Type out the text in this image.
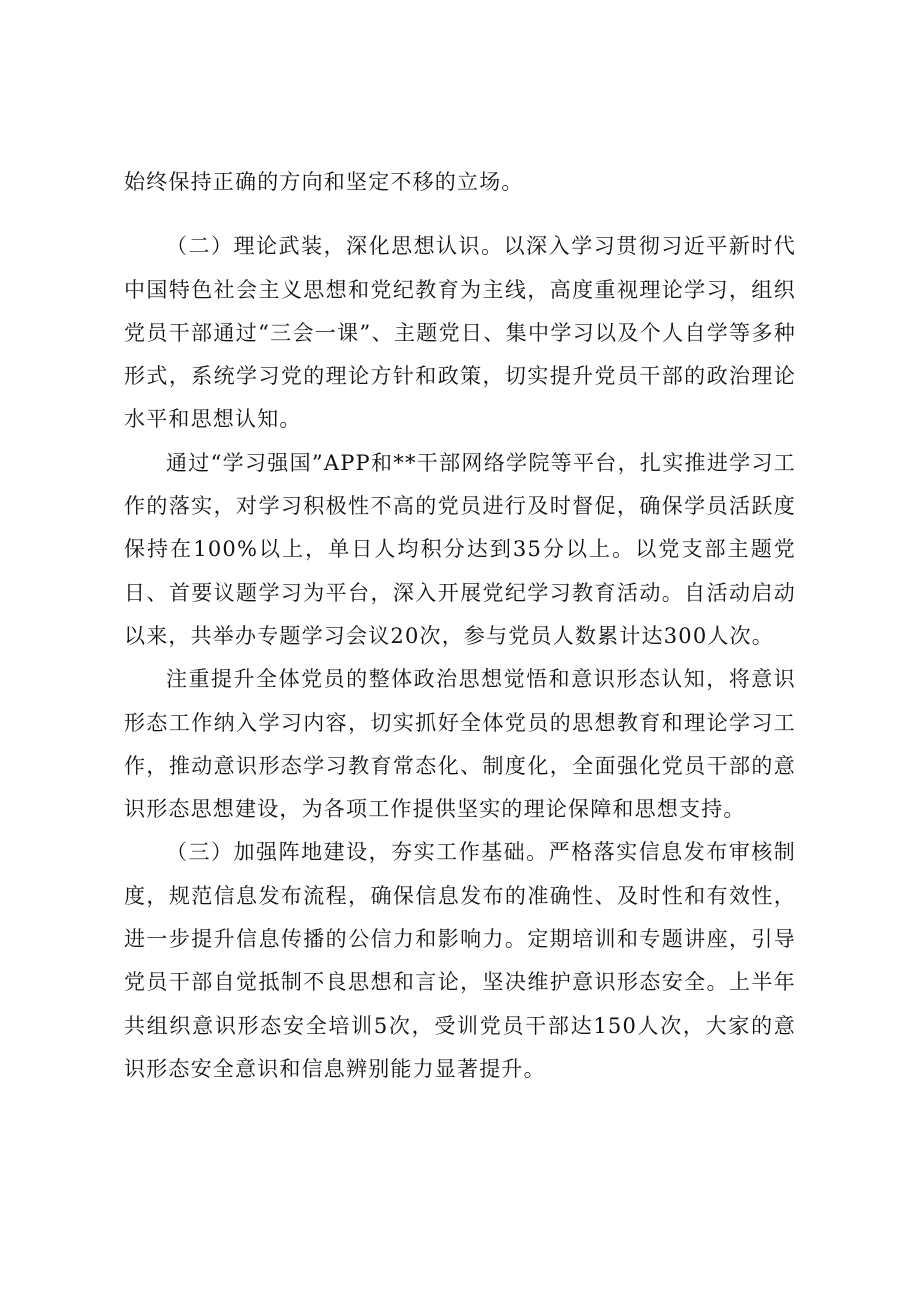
始终保持正确的方向和坚定不移的立场。

（二）理论武装，深化思想认识。以深入学习贯彻习近平新时代中国特色社会主义思想和党纪教育为主线，高度重视理论学习，组织党员干部通过“三会一课”、主题党日、集中学习以及个人自学等多种形式，系统学习党的理论方针和政策，切实提升党员干部的政治理论水平和思想认知。

通过“学习强国”APP和**干部网络学院等平台，扎实推进学习工作的落实，对学习积极性不高的党员进行及时督促，确保学员活跃度保持在100%以上，单日人均积分达到35分以上。以党支部主题党日、首要议题学习为平台，深入开展党纪学习教育活动。自活动启动以来，共举办专题学习会议20次，参与党员人数累计达300人次。

注重提升全体党员的整体政治思想觉悟和意识形态认知，将意识形态工作纳入学习内容，切实抓好全体党员的思想教育和理论学习工作，推动意识形态学习教育常态化、制度化，全面强化党员干部的意识形态思想建设，为各项工作提供坚实的理论保障和思想支持。

（三）加强阵地建设，夯实工作基础。严格落实信息发布审核制度，规范信息发布流程，确保信息发布的准确性、及时性和有效性，进一步提升信息传播的公信力和影响力。定期培训和专题讲座，引导党员干部自觉抵制不良思想和言论，坚决维护意识形态安全。上半年共组织意识形态安全培训5次，受训党员干部达150人次，大家的意识形态安全意识和信息辨别能力显著提升。
